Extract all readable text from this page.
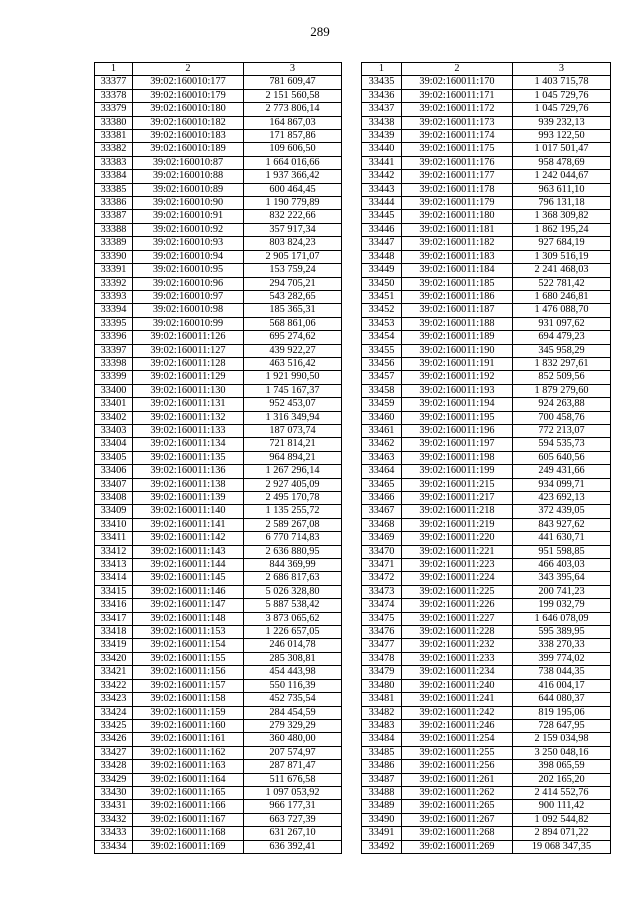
289
1	2	3
33377	39:02:160010:177	781 609,47
33378	39:02:160010:179	2 151 560,58
33379	39:02:160010:180	2 773 806,14
33380	39:02:160010:182	164 867,03
33381	39:02:160010:183	171 857,86
33382	39:02:160010:189	109 606,50
33383	39:02:160010:87	1 664 016,66
33384	39:02:160010:88	1 937 366,42
33385	39:02:160010:89	600 464,45
33386	39:02:160010:90	1 190 779,89
33387	39:02:160010:91	832 222,66
33388	39:02:160010:92	357 917,34
33389	39:02:160010:93	803 824,23
33390	39:02:160010:94	2 905 171,07
33391	39:02:160010:95	153 759,24
33392	39:02:160010:96	294 705,21
33393	39:02:160010:97	543 282,65
33394	39:02:160010:98	185 365,31
33395	39:02:160010:99	568 861,06
33396	39:02:160011:126	695 274,62
33397	39:02:160011:127	439 922,27
33398	39:02:160011:128	463 516,42
33399	39:02:160011:129	1 921 990,50
33400	39:02:160011:130	1 745 167,37
33401	39:02:160011:131	952 453,07
33402	39:02:160011:132	1 316 349,94
33403	39:02:160011:133	187 073,74
33404	39:02:160011:134	721 814,21
33405	39:02:160011:135	964 894,21
33406	39:02:160011:136	1 267 296,14
33407	39:02:160011:138	2 927 405,09
33408	39:02:160011:139	2 495 170,78
33409	39:02:160011:140	1 135 255,72
33410	39:02:160011:141	2 589 267,08
33411	39:02:160011:142	6 770 714,83
33412	39:02:160011:143	2 636 880,95
33413	39:02:160011:144	844 369,99
33414	39:02:160011:145	2 686 817,63
33415	39:02:160011:146	5 026 328,80
33416	39:02:160011:147	5 887 538,42
33417	39:02:160011:148	3 873 065,62
33418	39:02:160011:153	1 226 657,05
33419	39:02:160011:154	246 014,78
33420	39:02:160011:155	285 308,81
33421	39:02:160011:156	454 443,98
33422	39:02:160011:157	550 116,39
33423	39:02:160011:158	452 735,54
33424	39:02:160011:159	284 454,59
33425	39:02:160011:160	279 329,29
33426	39:02:160011:161	360 480,00
33427	39:02:160011:162	207 574,97
33428	39:02:160011:163	287 871,47
33429	39:02:160011:164	511 676,58
33430	39:02:160011:165	1 097 053,92
33431	39:02:160011:166	966 177,31
33432	39:02:160011:167	663 727,39
33433	39:02:160011:168	631 267,10
33434	39:02:160011:169	636 392,41
1	2	3
33435	39:02:160011:170	1 403 715,78
33436	39:02:160011:171	1 045 729,76
33437	39:02:160011:172	1 045 729,76
33438	39:02:160011:173	939 232,13
33439	39:02:160011:174	993 122,50
33440	39:02:160011:175	1 017 501,47
33441	39:02:160011:176	958 478,69
33442	39:02:160011:177	1 242 044,67
33443	39:02:160011:178	963 611,10
33444	39:02:160011:179	796 131,18
33445	39:02:160011:180	1 368 309,82
33446	39:02:160011:181	1 862 195,24
33447	39:02:160011:182	927 684,19
33448	39:02:160011:183	1 309 516,19
33449	39:02:160011:184	2 241 468,03
33450	39:02:160011:185	522 781,42
33451	39:02:160011:186	1 680 246,81
33452	39:02:160011:187	1 476 088,70
33453	39:02:160011:188	931 097,62
33454	39:02:160011:189	694 479,23
33455	39:02:160011:190	345 958,29
33456	39:02:160011:191	1 832 297,61
33457	39:02:160011:192	852 509,56
33458	39:02:160011:193	1 879 279,60
33459	39:02:160011:194	924 263,88
33460	39:02:160011:195	700 458,76
33461	39:02:160011:196	772 213,07
33462	39:02:160011:197	594 535,73
33463	39:02:160011:198	605 640,56
33464	39:02:160011:199	249 431,66
33465	39:02:160011:215	934 099,71
33466	39:02:160011:217	423 692,13
33467	39:02:160011:218	372 439,05
33468	39:02:160011:219	843 927,62
33469	39:02:160011:220	441 630,71
33470	39:02:160011:221	951 598,85
33471	39:02:160011:223	466 403,03
33472	39:02:160011:224	343 395,64
33473	39:02:160011:225	200 741,23
33474	39:02:160011:226	199 032,79
33475	39:02:160011:227	1 646 078,09
33476	39:02:160011:228	595 389,95
33477	39:02:160011:232	338 270,33
33478	39:02:160011:233	399 774,02
33479	39:02:160011:234	738 044,35
33480	39:02:160011:240	416 004,17
33481	39:02:160011:241	644 080,37
33482	39:02:160011:242	819 195,06
33483	39:02:160011:246	728 647,95
33484	39:02:160011:254	2 159 034,98
33485	39:02:160011:255	3 250 048,16
33486	39:02:160011:256	398 065,59
33487	39:02:160011:261	202 165,20
33488	39:02:160011:262	2 414 552,76
33489	39:02:160011:265	900 111,42
33490	39:02:160011:267	1 092 544,82
33491	39:02:160011:268	2 894 071,22
33492	39:02:160011:269	19 068 347,35
